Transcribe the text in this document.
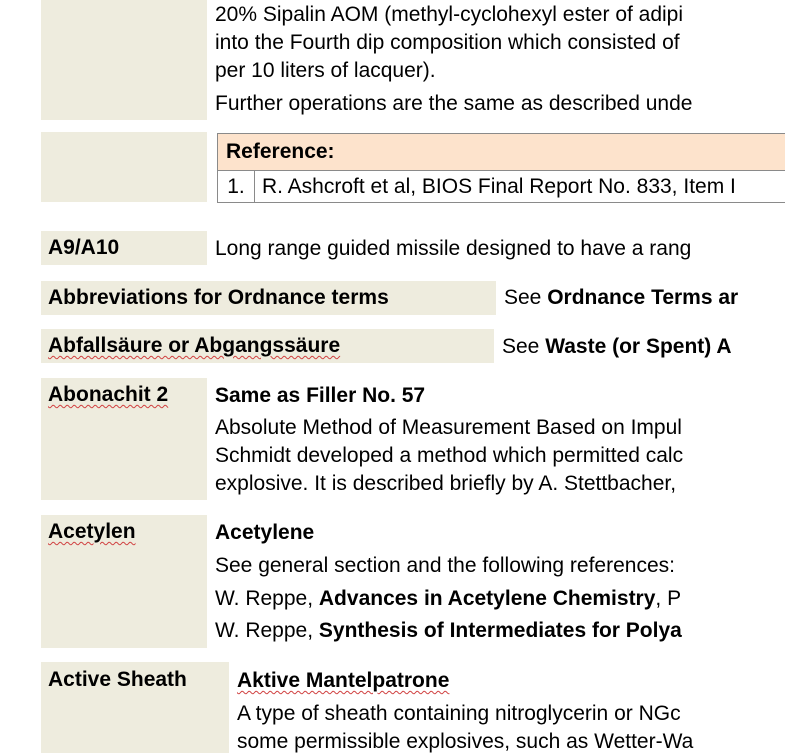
20% Sipalin AOM (methyl-cyclohexyl ester of adipi
into the Fourth dip composition which consisted of
per 10 liters of lacquer).
Further operations are the same as described unde
Reference:
1. R. Ashcroft et al, BIOS Final Report No. 833, Item I
A9/A10	Long range guided missile designed to have a rang
Abbreviations for Ordnance terms	See Ordnance Terms ar
Abfallsäure or Abgangssäure	See Waste (or Spent) A
Abonachit 2	Same as Filler No. 57
Absolute Method of Measurement Based on Impul
Schmidt developed a method which permitted calc
explosive. It is described briefly by A. Stettbacher,
Acetylen	Acetylene
See general section and the following references:
W. Reppe, Advances in Acetylene Chemistry, P
W. Reppe, Synthesis of Intermediates for Polya
Active Sheath	Aktive Mantelpatrone
A type of sheath containing nitroglycerin or NGc
some permissible explosives, such as Wetter-Wa
